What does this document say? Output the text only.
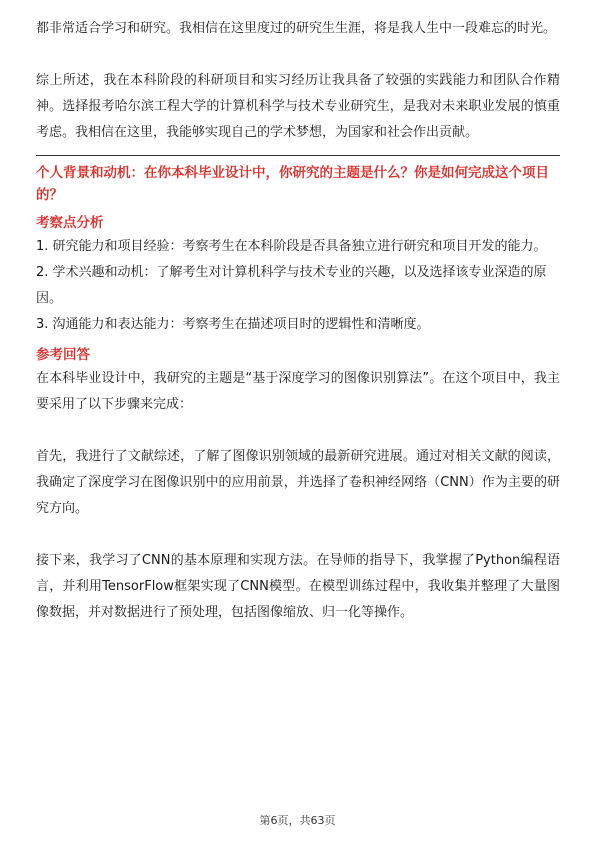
都非常适合学习和研究。我相信在这里度过的研究生生涯，将是我人生中一段难忘的时光。

综上所述，我在本科阶段的科研项目和实习经历让我具备了较强的实践能力和团队合作精神。选择报考哈尔滨工程大学的计算机科学与技术专业研究生，是我对未来职业发展的慎重考虑。我相信在这里，我能够实现自己的学术梦想，为国家和社会作出贡献。

个人背景和动机：在你本科毕业设计中，你研究的主题是什么？你是如何完成这个项目的？

考察点分析

1. 研究能力和项目经验：考察考生在本科阶段是否具备独立进行研究和项目开发的能力。
2. 学术兴趣和动机：了解考生对计算机科学与技术专业的兴趣，以及选择该专业深造的原因。
3. 沟通能力和表达能力：考察考生在描述项目时的逻辑性和清晰度。

参考回答

在本科毕业设计中，我研究的主题是“基于深度学习的图像识别算法”。在这个项目中，我主要采用了以下步骤来完成：

首先，我进行了文献综述，了解了图像识别领域的最新研究进展。通过对相关文献的阅读，我确定了深度学习在图像识别中的应用前景，并选择了卷积神经网络（CNN）作为主要的研究方向。

接下来，我学习了CNN的基本原理和实现方法。在导师的指导下，我掌握了Python编程语言，并利用TensorFlow框架实现了CNN模型。在模型训练过程中，我收集并整理了大量图像数据，并对数据进行了预处理，包括图像缩放、归一化等操作。

第6页，共63页
